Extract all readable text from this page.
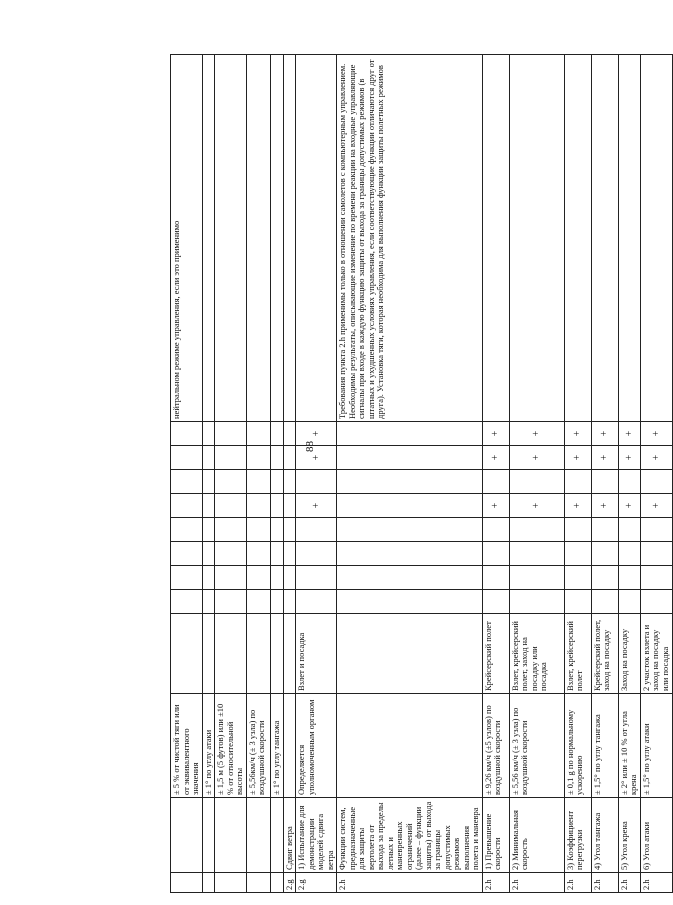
88
		± 5 % от чистой тяги или от эквивалентного значения										нейтральном режиме управления, если это применимо
		± 1° по углу атаки										
		± 1,5 м (5 футов) или ±10 % от относительной высоты										
		± 5,56км/ч (± 3 узла) по воздушной скорости										
		± 1° по углу тангажа										
2.g	Сдвиг ветра											
2.g	1) Испытание для демонстрации моделей сдвига ветра	Определяется уполномоченным органом	Взлет и посадка					+		+	+	
2.h	Функции систем, предназначенные для защиты вертолета от выхода за пределы летных и маневренных ограничений (далее – функции защиты) от выхода за границы допустимых режимов выполнения полета и маневра											Требования пункта 2.h применимы только в отношении самолетов с компьютерным управлением. Необходимы результаты, описывающие изменение по времени реакции на входные управляющие сигналы при входе в каждую функцию защиты от выхода за границы допустимых режимов (в штатных и ухудшенных условиях управления, если соответствующие функции отличаются друг от друга). Установка тяги, которая необходима для выполнения функции защиты полетных режимов
2.h	1) Превышение скорости	± 9,26 км/ч (±5 узлов) по воздушной скорости	Крейсерский полет					+		+	+	
2.h	2) Минимальная скорость	± 5,56 км/ч (± 3 узла) по воздушной скорости	Взлет, крейсерский полет, заход на посадку или посадка					+		+	+	
2.h	3) Коэффициент перегрузки	± 0,1 g по нормальному ускорению	Взлет, крейсерский полет					+		+	+	
2.h	4) Угол тангажа	± 1,5° по углу тангажа	Крейсерский полет, заход на посадку					+		+	+	
2.h	5) Угол крена	± 2° или ± 10 % от угла крена	Заход на посадку					+		+	+	
2.h	6) Угол атаки	± 1,5° по углу атаки	2 участок взлета и заход на посадку или посадка					+		+	+	
